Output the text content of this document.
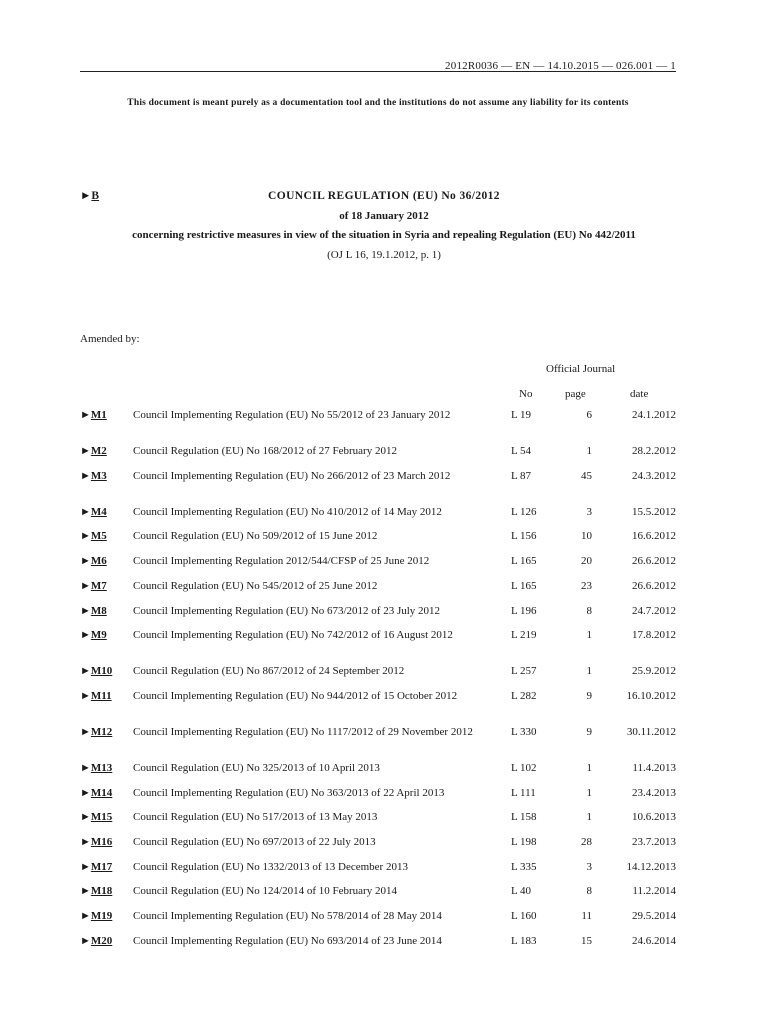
2012R0036 — EN — 14.10.2015 — 026.001 — 1
This document is meant purely as a documentation tool and the institutions do not assume any liability for its contents
►B	COUNCIL REGULATION (EU) No 36/2012

of 18 January 2012

concerning restrictive measures in view of the situation in Syria and repealing Regulation (EU) No 442/2011

(OJ L 16, 19.1.2012, p. 1)

Amended by:
Official Journal
No	page	date
►M1 Council Implementing Regulation (EU) No 55/2012 of 23 January 2012	L 19	6	24.1.2012
►M2 Council Regulation (EU) No 168/2012 of 27 February 2012	L 54	1	28.2.2012
►M3 Council Implementing Regulation (EU) No 266/2012 of 23 March 2012	L 87	45	24.3.2012
►M4 Council Implementing Regulation (EU) No 410/2012 of 14 May 2012	L 126	3	15.5.2012
►M5 Council Regulation (EU) No 509/2012 of 15 June 2012	L 156	10	16.6.2012
►M6 Council Implementing Regulation 2012/544/CFSP of 25 June 2012	L 165	20	26.6.2012
►M7 Council Regulation (EU) No 545/2012 of 25 June 2012	L 165	23	26.6.2012
►M8 Council Implementing Regulation (EU) No 673/2012 of 23 July 2012	L 196	8	24.7.2012
►M9 Council Implementing Regulation (EU) No 742/2012 of 16 August 2012	L 219	1	17.8.2012
►M10 Council Regulation (EU) No 867/2012 of 24 September 2012	L 257	1	25.9.2012
►M11 Council Implementing Regulation (EU) No 944/2012 of 15 October 2012	L 282	9	16.10.2012
►M12 Council Implementing Regulation (EU) No 1117/2012 of 29 November 2012	L 330	9	30.11.2012
►M13 Council Regulation (EU) No 325/2013 of 10 April 2013	L 102	1	11.4.2013
►M14 Council Implementing Regulation (EU) No 363/2013 of 22 April 2013	L 111	1	23.4.2013
►M15 Council Regulation (EU) No 517/2013 of 13 May 2013	L 158	1	10.6.2013
►M16 Council Regulation (EU) No 697/2013 of 22 July 2013	L 198	28	23.7.2013
►M17 Council Regulation (EU) No 1332/2013 of 13 December 2013	L 335	3	14.12.2013
►M18 Council Regulation (EU) No 124/2014 of 10 February 2014	L 40	8	11.2.2014
►M19 Council Implementing Regulation (EU) No 578/2014 of 28 May 2014	L 160	11	29.5.2014
►M20 Council Implementing Regulation (EU) No 693/2014 of 23 June 2014	L 183	15	24.6.2014
